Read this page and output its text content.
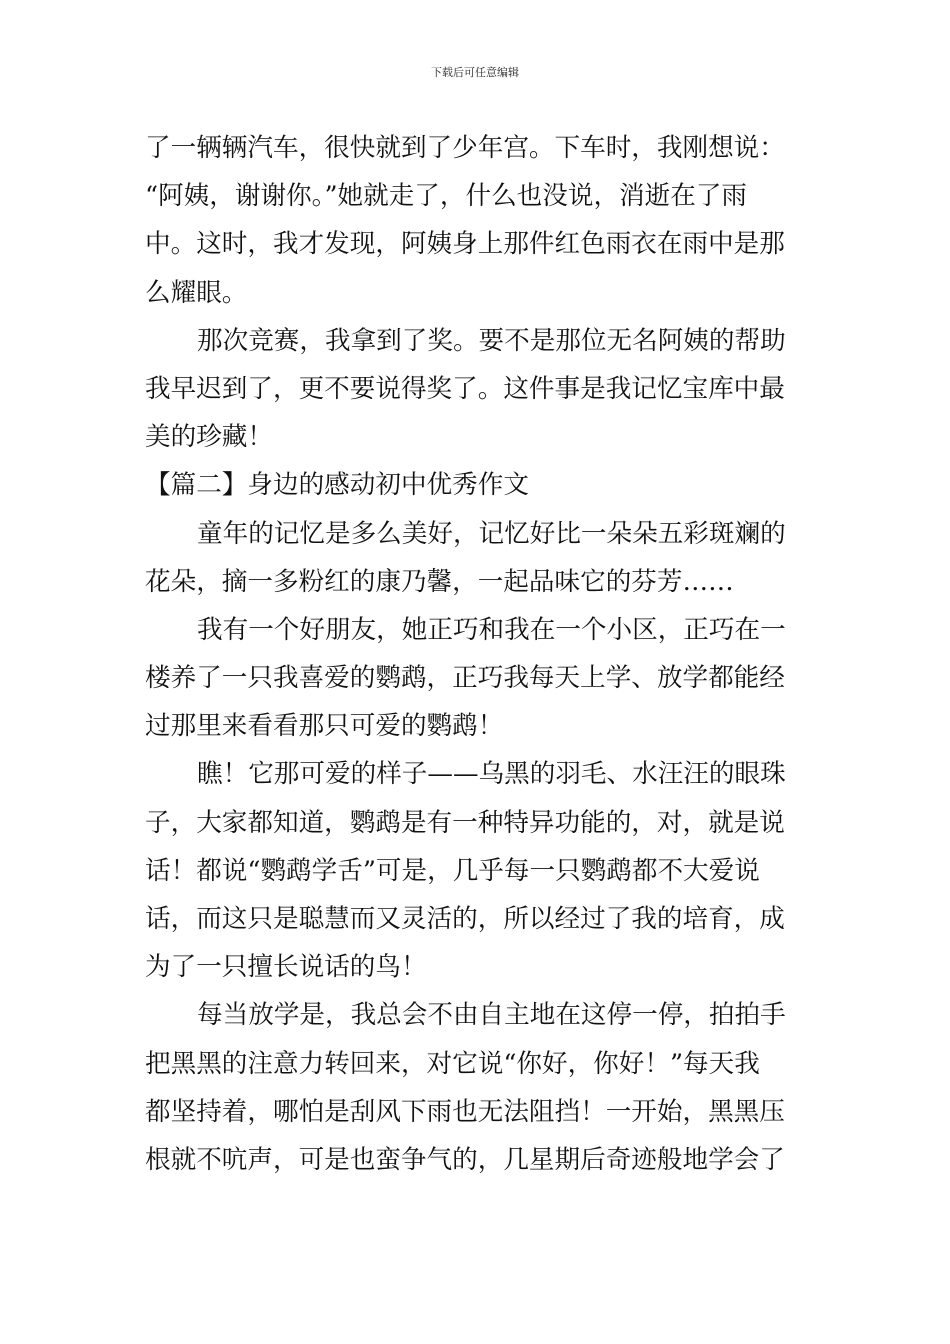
下载后可任意编辑
了一辆辆汽车，很快就到了少年宫。下车时，我刚想说：
“阿姨，谢谢你。”她就走了，什么也没说，消逝在了雨
中。这时，我才发现，阿姨身上那件红色雨衣在雨中是那
么耀眼。
那次竞赛，我拿到了奖。要不是那位无名阿姨的帮助
我早迟到了，更不要说得奖了。这件事是我记忆宝库中最
美的珍藏！
【篇二】身边的感动初中优秀作文
童年的记忆是多么美好，记忆好比一朵朵五彩斑斓的
花朵，摘一多粉红的康乃馨，一起品味它的芬芳……
我有一个好朋友，她正巧和我在一个小区，正巧在一
楼养了一只我喜爱的鹦鹉，正巧我每天上学、放学都能经
过那里来看看那只可爱的鹦鹉！
瞧！它那可爱的样子——乌黑的羽毛、水汪汪的眼珠
子，大家都知道，鹦鹉是有一种特异功能的，对，就是说
话！都说“鹦鹉学舌”可是，几乎每一只鹦鹉都不大爱说
话，而这只是聪慧而又灵活的，所以经过了我的培育，成
为了一只擅长说话的鸟！
每当放学是，我总会不由自主地在这停一停，拍拍手
把黑黑的注意力转回来，对它说“你好，你好！”每天我
都坚持着，哪怕是刮风下雨也无法阻挡！一开始，黑黑压
根就不吭声，可是也蛮争气的，几星期后奇迹般地学会了
